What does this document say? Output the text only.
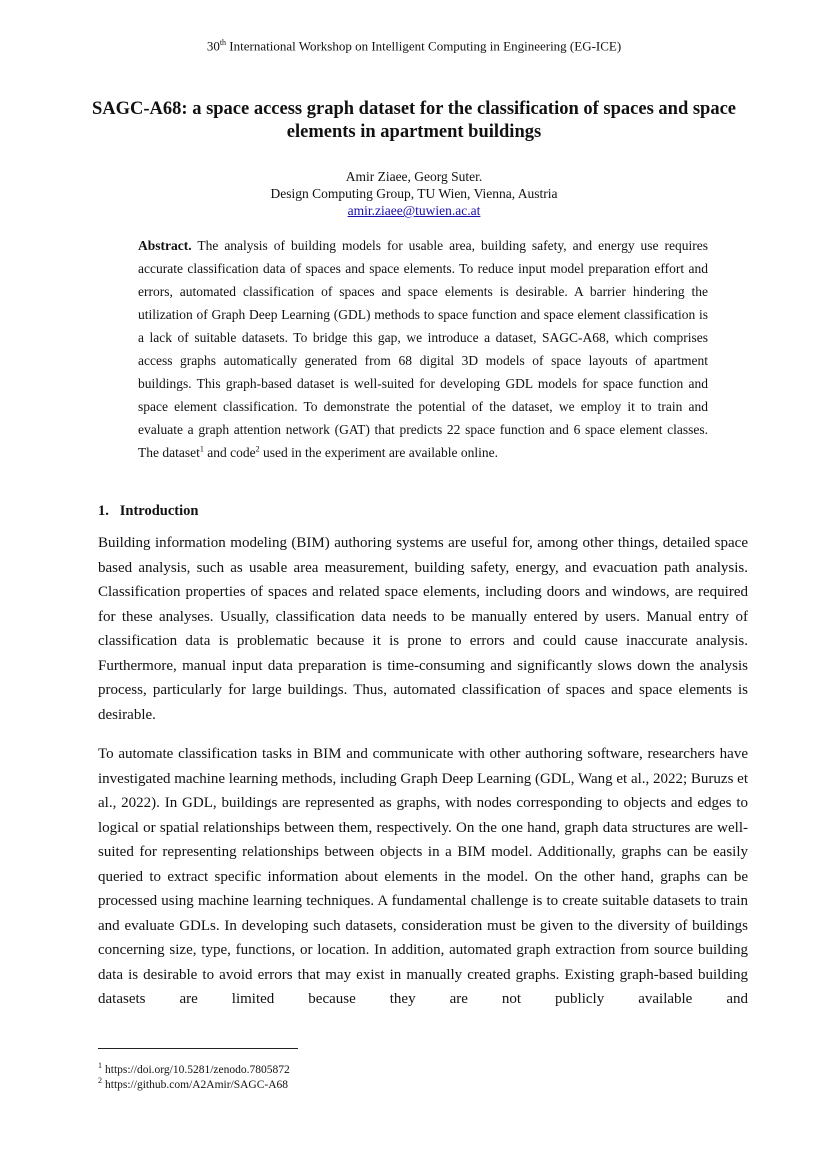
30th International Workshop on Intelligent Computing in Engineering (EG-ICE)
SAGC-A68: a space access graph dataset for the classification of spaces and space elements in apartment buildings
Amir Ziaee, Georg Suter.
Design Computing Group, TU Wien, Vienna, Austria
amir.ziaee@tuwien.ac.at
Abstract. The analysis of building models for usable area, building safety, and energy use requires accurate classification data of spaces and space elements. To reduce input model preparation effort and errors, automated classification of spaces and space elements is desirable. A barrier hindering the utilization of Graph Deep Learning (GDL) methods to space function and space element classification is a lack of suitable datasets. To bridge this gap, we introduce a dataset, SAGC-A68, which comprises access graphs automatically generated from 68 digital 3D models of space layouts of apartment buildings. This graph-based dataset is well-suited for developing GDL models for space function and space element classification. To demonstrate the potential of the dataset, we employ it to train and evaluate a graph attention network (GAT) that predicts 22 space function and 6 space element classes. The dataset$^1$ and code$^2$ used in the experiment are available online.
1.   Introduction

Building information modeling (BIM) authoring systems are useful for, among other things, detailed space based analysis, such as usable area measurement, building safety, energy, and evacuation path analysis. Classification properties of spaces and related space elements, including doors and windows, are required for these analyses. Usually, classification data needs to be manually entered by users. Manual entry of classification data is problematic because it is prone to errors and could cause inaccurate analysis. Furthermore, manual input data preparation is time-consuming and significantly slows down the analysis process, particularly for large buildings. Thus, automated classification of spaces and space elements is desirable.

To automate classification tasks in BIM and communicate with other authoring software, researchers have investigated machine learning methods, including Graph Deep Learning (GDL, Wang et al., 2022; Buruzs et al., 2022). In GDL, buildings are represented as graphs, with nodes corresponding to objects and edges to logical or spatial relationships between them, respectively. On the one hand, graph data structures are well-suited for representing relationships between objects in a BIM model. Additionally, graphs can be easily queried to extract specific information about elements in the model. On the other hand, graphs can be processed using machine learning techniques. A fundamental challenge is to create suitable datasets to train and evaluate GDLs. In developing such datasets, consideration must be given to the diversity of buildings concerning size, type, functions, or location. In addition, automated graph extraction from source building data is desirable to avoid errors that may exist in manually created graphs. Existing graph-based building datasets are limited because they are not publicly available and

$^1$ https://doi.org/10.5281/zenodo.7805872
$^2$ https://github.com/A2Amir/SAGC-A68
